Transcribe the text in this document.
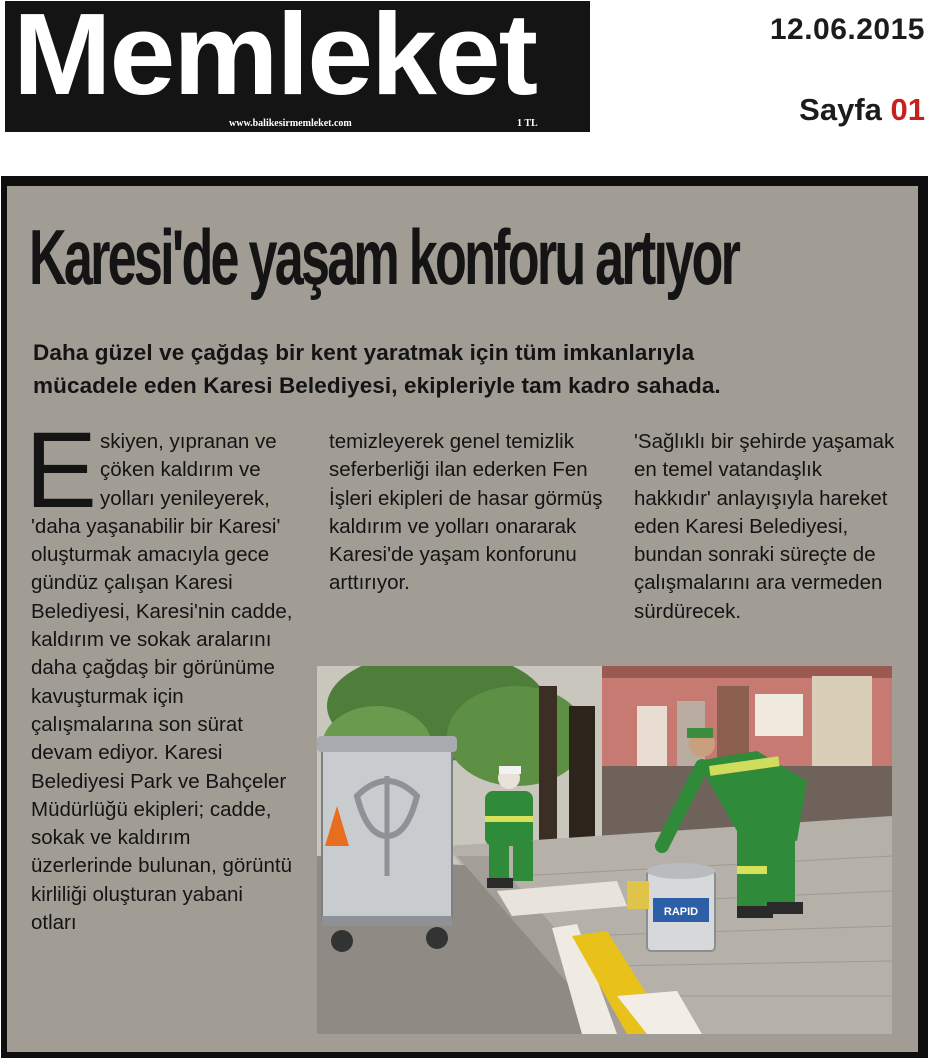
Memleket
www.balikesirmemleket.com	1 TL
12.06.2015
Sayfa 01
Karesi'de yaşam konforu artıyor
Daha güzel ve çağdaş bir kent yaratmak için tüm imkanlarıyla
mücadele eden Karesi Belediyesi, ekipleriyle tam kadro sahada.
E skiyen, yıpranan ve çöken kaldırım ve yolları yenileyerek, 'daha yaşanabilir bir Karesi' oluşturmak amacıyla gece gündüz çalışan Karesi Belediyesi, Karesi'nin cadde, kaldırım ve sokak aralarını daha çağdaş bir görünüme kavuşturmak için çalışmalarına son sürat devam ediyor. Karesi Belediyesi Park ve Bahçeler Müdürlüğü ekipleri; cadde, sokak ve kaldırım üzerlerinde bulunan, görüntü kirliliği oluşturan yabani otları

temizleyerek genel temizlik seferberliği ilan ederken Fen İşleri ekipleri de hasar görmüş kaldırım ve yolları onararak Karesi'de yaşam konforunu arttırıyor.

'Sağlıklı bir şehirde yaşamak en temel vatandaşlık hakkıdır' anlayışıyla hareket eden Karesi Belediyesi, bundan sonraki süreçte de çalışmalarını ara vermeden sürdürecek.

RAPID
